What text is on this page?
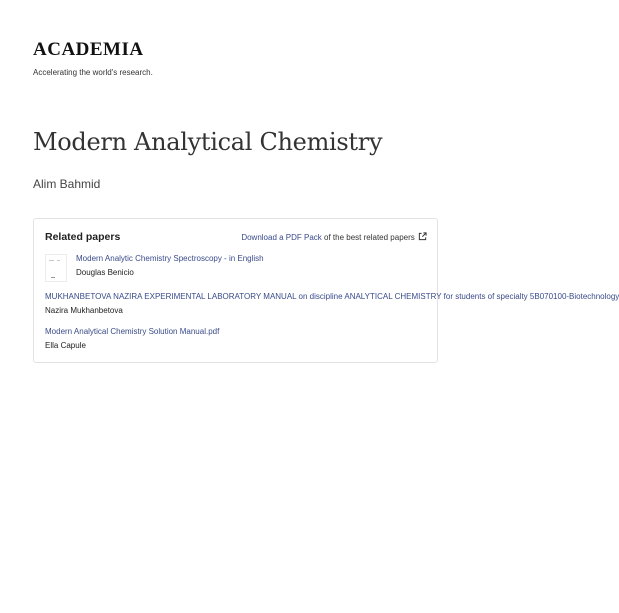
ACADEMIA
Accelerating the world's research.
Modern Analytical Chemistry
Alim Bahmid
Related papers	Download a PDF Pack of the best related papers
Modern Analytic Chemistry Spectroscopy - in English
Douglas Benicio
MUKHANBETOVA NAZIRA EXPERIMENTAL LABORATORY MANUAL on discipline ANALYTICAL CHEMISTRY for students of specialty 5B070100-Biotechnology
Nazira Mukhanbetova
Modern Analytical Chemistry Solution Manual.pdf
Ella Capule
